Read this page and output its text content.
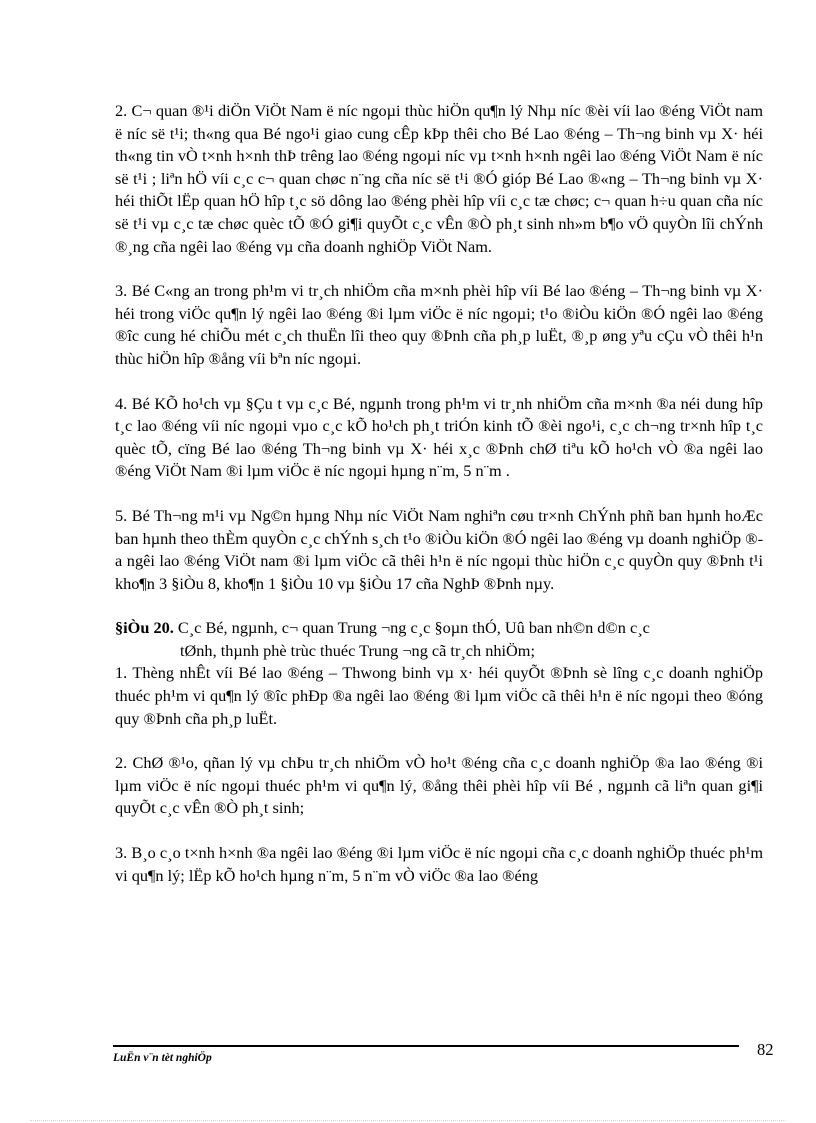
2. C¬ quan ®¹i diÖn ViÖt Nam ë níc ngoµi thùc hiÖn qu¶n lý Nhµ níc ®èi víi lao ®éng ViÖt nam ë níc së t¹i; th«ng qua Bé ngo¹i giao cung cÊp kÞp thêi cho Bé Lao ®éng – Th¬ng binh vµ X· héi th«ng tin vÒ t×nh h×nh thÞ trêng lao ®éng ngoµi níc vµ t×nh h×nh ngêi lao ®éng ViÖt Nam ë níc së t¹i ; liªn hÖ víi c¸c c¬ quan chøc n¨ng cña níc së t¹i ®Ó gióp Bé Lao ®«ng – Th¬ng binh vµ X· héi thiÕt lËp quan hÖ hîp t¸c sö dông lao ®éng phèi hîp víi c¸c tæ chøc; c¬ quan h÷u quan cña níc së t¹i vµ c¸c tæ chøc quèc tÕ ®Ó gi¶i quyÕt c¸c vÊn ®Ò ph¸t sinh nh»m b¶o vÖ quyÒn lîi chÝnh ®¸ng cña ngêi lao ®éng vµ cña doanh nghiÖp ViÖt Nam.

3. Bé C«ng an trong ph¹m vi tr¸ch nhiÖm cña m×nh phèi hîp víi Bé lao ®éng – Th¬ng binh vµ X· héi trong viÖc qu¶n lý ngêi lao ®éng ®i lµm viÖc ë níc ngoµi; t¹o ®iÒu kiÖn ®Ó ngêi lao ®éng ®îc cung hé chiÕu mét c¸ch thuËn lîi theo quy ®Þnh cña ph¸p luËt, ®¸p øng yªu cÇu vÒ thêi h¹n thùc hiÖn hîp ®ång víi bªn níc ngoµi.

4. Bé KÕ ho¹ch vµ §Çu t vµ c¸c Bé, ngµnh trong ph¹m vi tr¸nh nhiÖm cña m×nh ®a néi dung hîp t¸c lao ®éng víi níc ngoµi vµo c¸c kÕ ho¹ch ph¸t triÓn kinh tÕ ®èi ngo¹i, c¸c ch¬ng tr×nh hîp t¸c quèc tÕ, cïng Bé lao ®éng Th¬ng binh vµ X· héi x¸c ®Þnh chØ tiªu kÕ ho¹ch vÒ ®a ngêi lao ®éng ViÖt Nam ®i lµm viÖc ë níc ngoµi hµng n¨m, 5 n¨m .

5. Bé Th¬ng m¹i vµ Ng©n hµng Nhµ níc ViÖt Nam nghiªn cøu tr×nh ChÝnh phñ ban hµnh hoÆc ban hµnh theo thÈm quyÒn c¸c chÝnh s¸ch t¹o ®iÒu kiÖn ®Ó ngêi lao ®éng vµ doanh nghiÖp ®a ngêi lao ®éng ViÖt nam ®i lµm viÖc cã thêi h¹n ë níc ngoµi thùc hiÖn c¸c quyÒn quy ®Þnh t¹i kho¶n 3 §iÒu 8, kho¶n 1 §iÒu 10 vµ §iÒu 17 cña NghÞ ®Þnh nµy.

§iÒu 20. C¸c Bé, ngµnh, c¬ quan Trung ¬ng c¸c §oµn thÓ, Uû ban nh©n d©n c¸c

tØnh, thµnh phè trùc thuéc Trung ¬ng cã tr¸ch nhiÖm;

1. Thèng nhÊt víi Bé lao ®éng – Thwong binh vµ x· héi quyÕt ®Þnh sè lîng c¸c doanh nghiÖp thuéc ph¹m vi qu¶n lý ®îc phÐp ®a ngêi lao ®éng ®i lµm viÖc cã thêi h¹n ë níc ngoµi theo ®óng quy ®Þnh cña ph¸p luËt.

2. ChØ ®¹o, qñan lý vµ chÞu tr¸ch nhiÖm vÒ ho¹t ®éng cña c¸c doanh nghiÖp ®a lao ®éng ®i lµm viÖc ë níc ngoµi thuéc ph¹m vi qu¶n lý, ®ång thêi phèi hîp víi Bé , ngµnh cã liªn quan gi¶i quyÕt c¸c vÊn ®Ò ph¸t sinh;

3. B¸o c¸o t×nh h×nh ®a ngêi lao ®éng ®i lµm viÖc ë níc ngoµi cña c¸c doanh nghiÖp thuéc ph¹m vi qu¶n lý; lËp kÕ ho¹ch hµng n¨m, 5 n¨m vÒ viÖc ®a lao ®éng

LuËn v¨n tèt nghiÖp	82
